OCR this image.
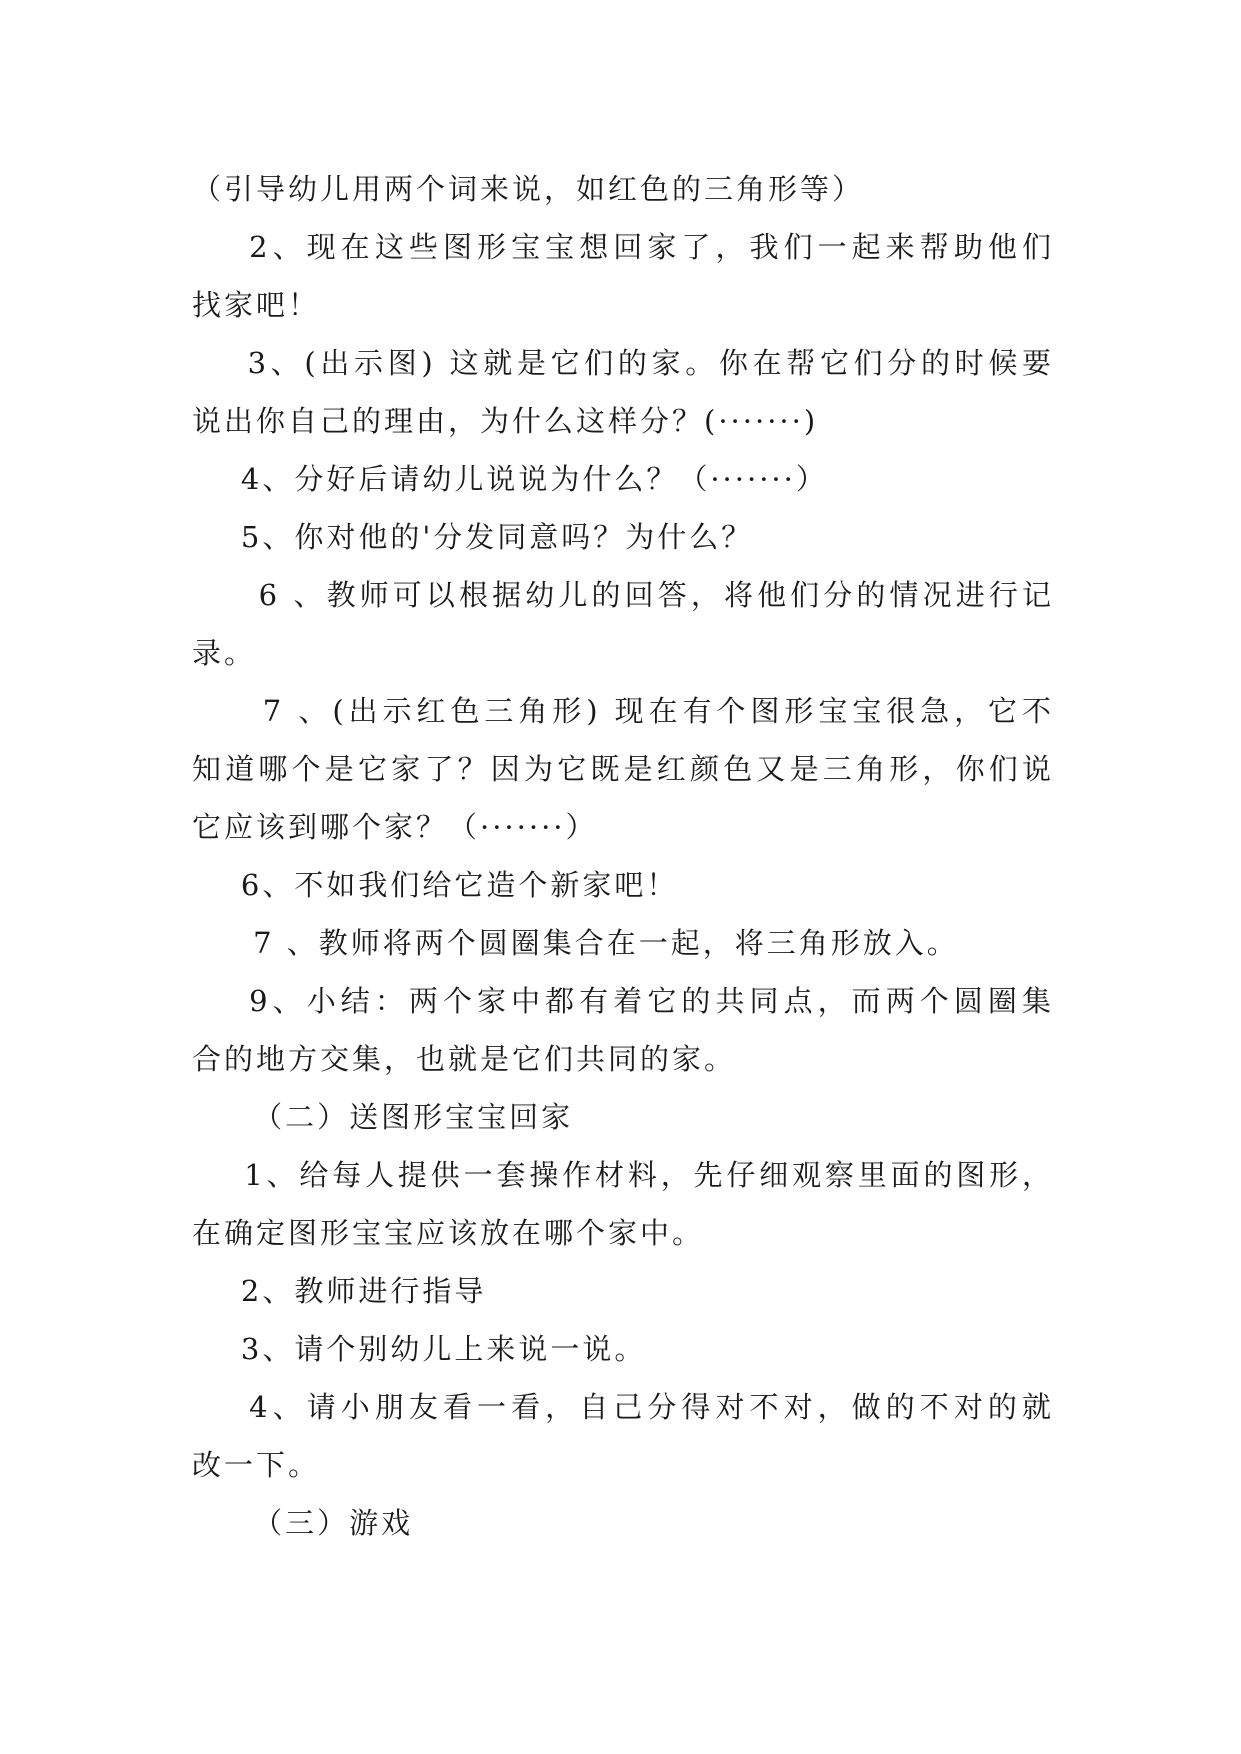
（引导幼儿用两个词来说，如红色的三角形等）
2、现在这些图形宝宝想回家了，我们一起来帮助他们
找家吧！
3、(出示图) 这就是它们的家。你在帮它们分的时候要
说出你自己的理由，为什么这样分？(·······)
4、分好后请幼儿说说为什么？（·······）
5、你对他的'分发同意吗？为什么？
6 、教师可以根据幼儿的回答，将他们分的情况进行记
录。
7 、(出示红色三角形) 现在有个图形宝宝很急，它不
知道哪个是它家了？因为它既是红颜色又是三角形，你们说
它应该到哪个家？（·······）
6、不如我们给它造个新家吧！
7 、教师将两个圆圈集合在一起，将三角形放入。
9、小结：两个家中都有着它的共同点，而两个圆圈集
合的地方交集，也就是它们共同的家。
（二）送图形宝宝回家
1、给每人提供一套操作材料，先仔细观察里面的图形，
在确定图形宝宝应该放在哪个家中。
2、教师进行指导
3、请个别幼儿上来说一说。
4、请小朋友看一看，自己分得对不对，做的不对的就
改一下。
（三）游戏
